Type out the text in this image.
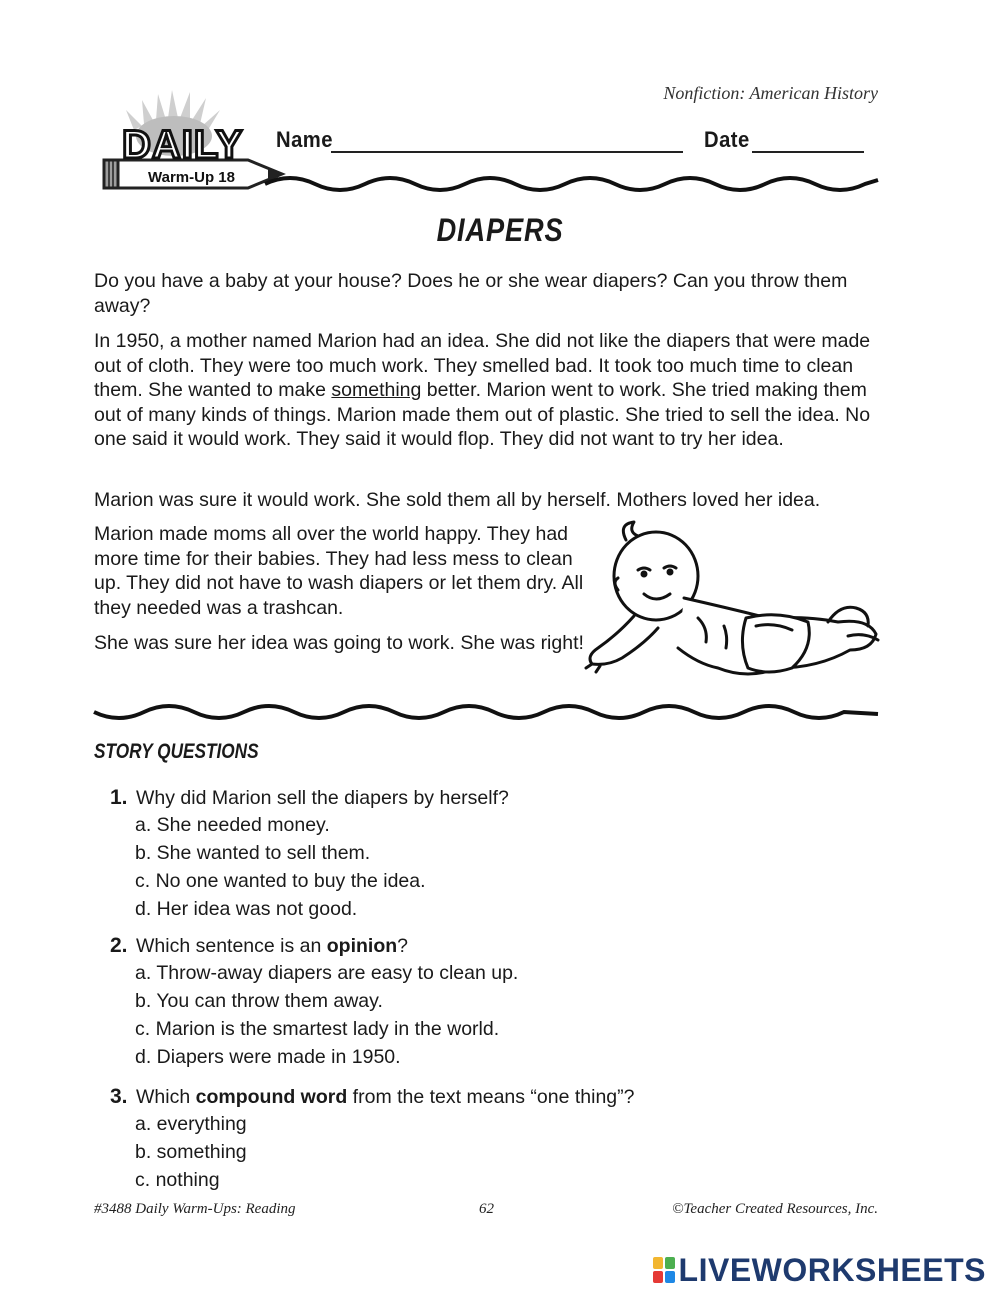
Nonfiction: American History
DAILY
Warm-Up 18
Name	Date
DIAPERS
Do you have a baby at your house? Does he or she wear diapers? Can you throw them away?
In 1950, a mother named Marion had an idea. She did not like the diapers that were made out of cloth. They were too much work. They smelled bad. It took too much time to clean them. She wanted to make something better. Marion went to work. She tried making them out of many kinds of things. Marion made them out of plastic. She tried to sell the idea. No one said it would work. They said it would flop. They did not want to try her idea.
Marion was sure it would work. She sold them all by herself. Mothers loved her idea.
Marion made moms all over the world happy. They had more time for their babies. They had less mess to clean up. They did not have to wash diapers or let them dry. All they needed was a trashcan.
She was sure her idea was going to work. She was right!
STORY QUESTIONS
1. Why did Marion sell the diapers by herself?
a. She needed money.
b. She wanted to sell them.
c. No one wanted to buy the idea.
d. Her idea was not good.
2. Which sentence is an opinion?
a. Throw-away diapers are easy to clean up.
b. You can throw them away.
c. Marion is the smartest lady in the world.
d. Diapers were made in 1950.
3. Which compound word from the text means “one thing”?
a. everything
b. something
c. nothing
#3488 Daily Warm-Ups: Reading	62	©Teacher Created Resources, Inc.
LIVEWORKSHEETS
